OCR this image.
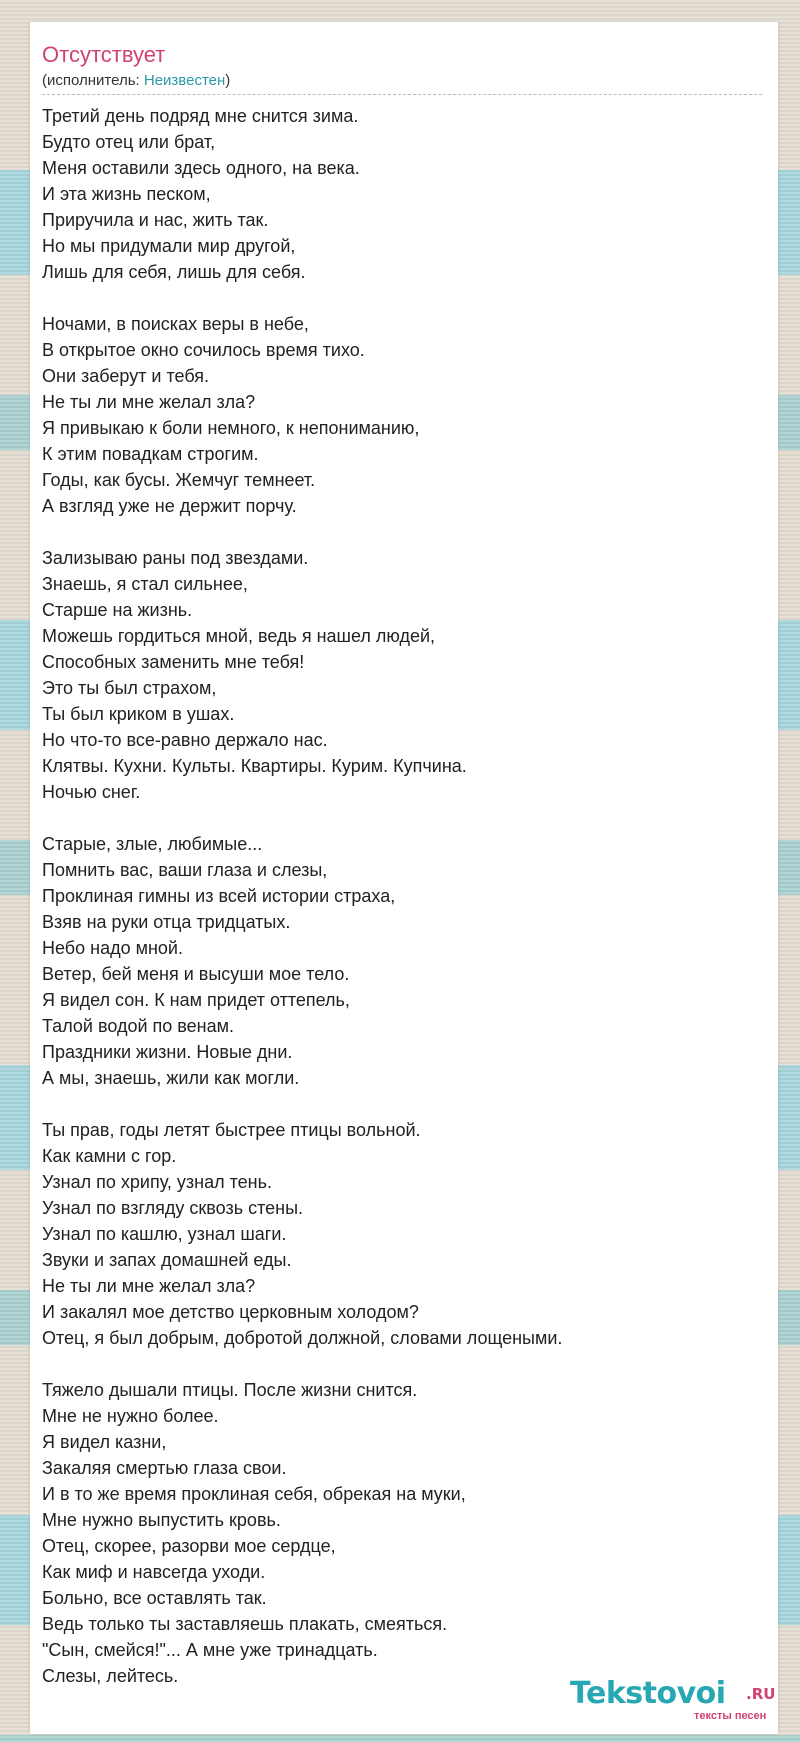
Отсутствует
(исполнитель: Неизвестен)
Третий день подряд мне снится зима.
Будто отец или брат,
Меня оставили здесь одного, на века.
И эта жизнь песком,
Приручила и нас, жить так.
Но мы придумали мир другой,
Лишь для себя, лишь для себя.
Ночами, в поисках веры в небе,
В открытое окно сочилось время тихо.
Они заберут и тебя.
Не ты ли мне желал зла?
Я привыкаю к боли немного, к непониманию,
К этим повадкам строгим.
Годы, как бусы. Жемчуг темнеет.
А взгляд уже не держит порчу.
Зализываю раны под звездами.
Знаешь, я стал сильнее,
Старше на жизнь.
Можешь гордиться мной, ведь я нашел людей,
Способных заменить мне тебя!
Это ты был страхом,
Ты был криком в ушах.
Но что-то все-равно держало нас.
Клятвы. Кухни. Культы. Квартиры. Курим. Купчина.
Ночью снег.
Старые, злые, любимые...
Помнить вас, ваши глаза и слезы,
Проклиная гимны из всей истории страха,
Взяв на руки отца тридцатых.
Небо надо мной.
Ветер, бей меня и высуши мое тело.
Я видел сон. К нам придет оттепель,
Талой водой по венам.
Праздники жизни. Новые дни.
А мы, знаешь, жили как могли.
Ты прав, годы летят быстрее птицы вольной.
Как камни с гор.
Узнал по хрипу, узнал тень.
Узнал по взгляду сквозь стены.
Узнал по кашлю, узнал шаги.
Звуки и запах домашней еды.
Не ты ли мне желал зла?
И закалял мое детство церковным холодом?
Отец, я был добрым, добротой должной, словами лощеными.
Тяжело дышали птицы. После жизни снится.
Мне не нужно более.
Я видел казни,
Закаляя смертью глаза свои.
И в то же время проклиная себя, обрекая на муки,
Мне нужно выпустить кровь.
Отец, скорее, разорви мое сердце,
Как миф и навсегда уходи.
Больно, все оставлять так.
Ведь только ты заставляешь плакать, смеяться.
"Сын, смейся!"... А мне уже тринадцать.
Слезы, лейтесь.	Tekstovoi .RU
тексты песен
